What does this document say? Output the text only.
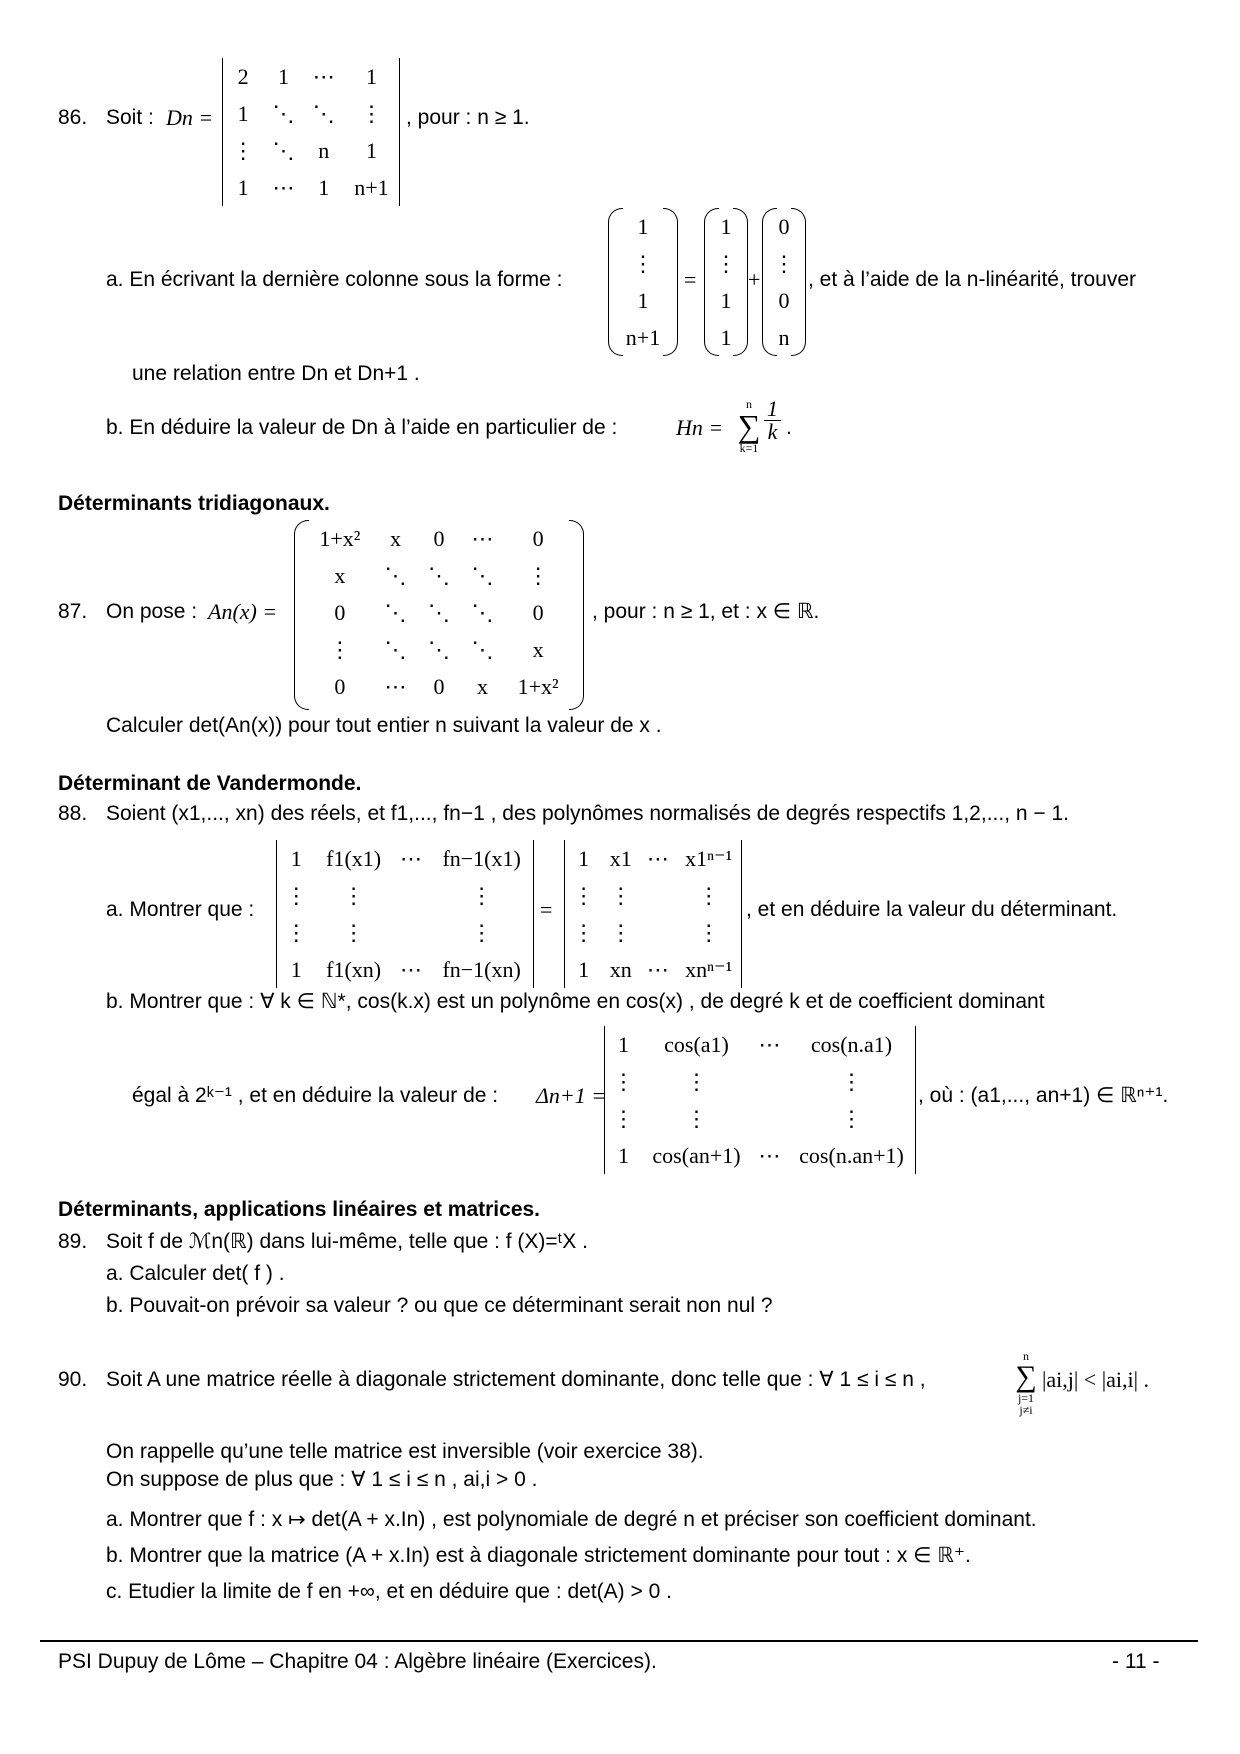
86. Soit : Dn =
2	1	⋯	1
1	⋱	⋱	⋮
⋮	⋱	n	1
1	⋯	1	n+1
, pour : n ≥ 1.
a. En écrivant la dernière colonne sous la forme :
1
⋮
1
n+1
=
1
⋮
1
1
+
0
⋮
0
n
, et à l’aide de la n-linéarité, trouver
une relation entre Dn et Dn+1 .
b. En déduire la valeur de Dn à l’aide en particulier de :	Hn =
n
∑
k=1
$\frac{1}{k}$ .
Déterminants tridiagonaux.
87. On pose : An(x) =
1+x²	x	0	⋯	0
x	⋱	⋱	⋱	⋮
0	⋱	⋱	⋱	0
⋮	⋱	⋱	⋱	x
0	⋯	0	x	1+x²
, pour : n ≥ 1, et : x ∈ ℝ.
Calculer det(An(x)) pour tout entier n suivant la valeur de x .
Déterminant de Vandermonde.
88. Soient (x1,..., xn) des réels, et f1,..., fn−1 , des polynômes normalisés de degrés respectifs 1,2,..., n − 1.
a. Montrer que :
1	f1(x1)	⋯	fn−1(x1)
⋮	⋮		⋮
⋮	⋮		⋮
1	f1(xn)	⋯	fn−1(xn)
=
1	x1	⋯	x1ⁿ⁻¹
⋮	⋮		⋮
⋮	⋮		⋮
1	xn	⋯	xnⁿ⁻¹
, et en déduire la valeur du déterminant.
b. Montrer que : ∀ k ∈ ℕ*, cos(k.x) est un polynôme en cos(x) , de degré k et de coefficient dominant
égal à 2ᵏ⁻¹ , et en déduire la valeur de : Δn+1 =
1	cos(a1)	⋯	cos(n.a1)
⋮	⋮		⋮
⋮	⋮		⋮
1	cos(an+1)	⋯	cos(n.an+1)
, où : (a1,..., an+1) ∈ ℝⁿ⁺¹.
Déterminants, applications linéaires et matrices.
89. Soit f de ℳn(ℝ) dans lui-même, telle que : f (X)=ᵗX .
a. Calculer det( f ) .
b. Pouvait-on prévoir sa valeur ? ou que ce déterminant serait non nul ?
90. Soit A une matrice réelle à diagonale strictement dominante, donc telle que : ∀ 1 ≤ i ≤ n ,
n
∑
j=1
j≠i
|ai,j| < |ai,i| .
On rappelle qu’une telle matrice est inversible (voir exercice 38).
On suppose de plus que : ∀ 1 ≤ i ≤ n , ai,i > 0 .
a. Montrer que f : x ↦ det(A + x.In) , est polynomiale de degré n et préciser son coefficient dominant.
b. Montrer que la matrice (A + x.In) est à diagonale strictement dominante pour tout : x ∈ ℝ⁺.
c. Etudier la limite de f en +∞, et en déduire que : det(A) > 0 .
PSI Dupuy de Lôme – Chapitre 04 : Algèbre linéaire (Exercices).	- 11 -
